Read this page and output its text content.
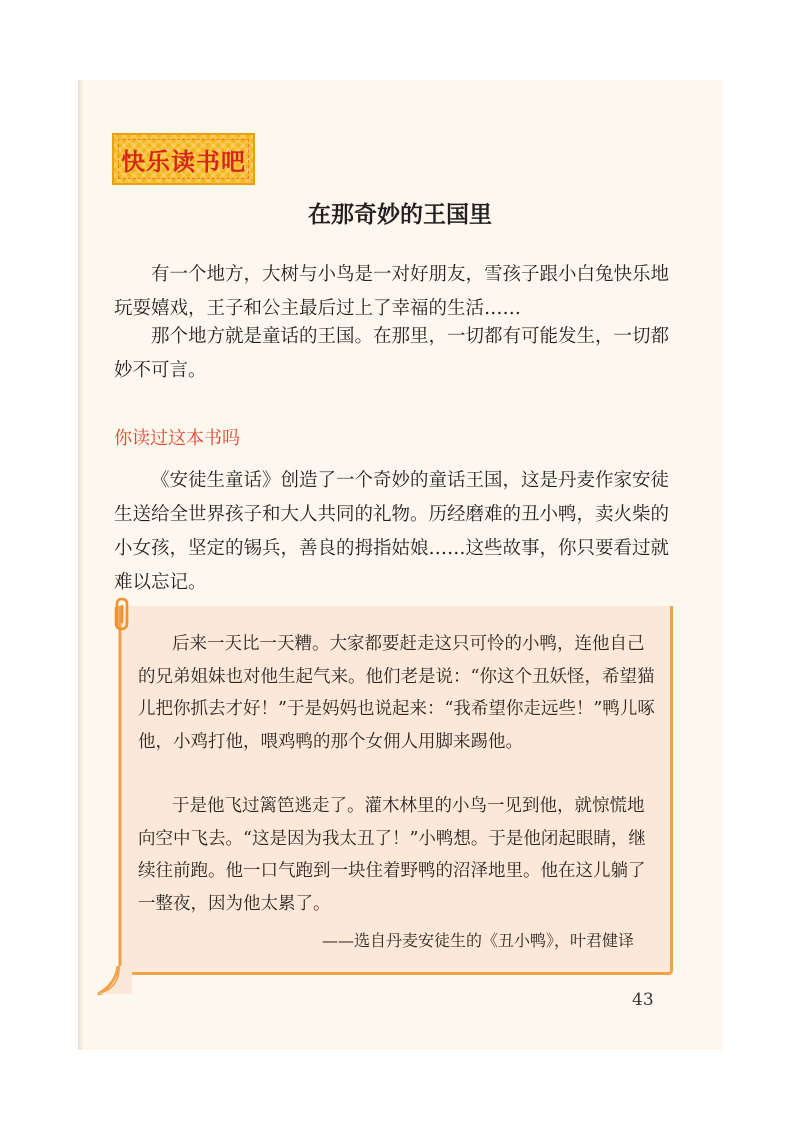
快乐读书吧
在那奇妙的王国里

有一个地方，大树与小鸟是一对好朋友，雪孩子跟小白兔快乐地玩耍嬉戏，王子和公主最后过上了幸福的生活……

那个地方就是童话的王国。在那里，一切都有可能发生，一切都妙不可言。

你读过这本书吗

《安徒生童话》创造了一个奇妙的童话王国，这是丹麦作家安徒生送给全世界孩子和大人共同的礼物。历经磨难的丑小鸭，卖火柴的小女孩，坚定的锡兵，善良的拇指姑娘……这些故事，你只要看过就难以忘记。

后来一天比一天糟。大家都要赶走这只可怜的小鸭，连他自己的兄弟姐妹也对他生起气来。他们老是说：“你这个丑妖怪，希望猫儿把你抓去才好！”于是妈妈也说起来：“我希望你走远些！”鸭儿啄他，小鸡打他，喂鸡鸭的那个女佣人用脚来踢他。

于是他飞过篱笆逃走了。灌木林里的小鸟一见到他，就惊慌地向空中飞去。“这是因为我太丑了！”小鸭想。于是他闭起眼睛，继续往前跑。他一口气跑到一块住着野鸭的沼泽地里。他在这儿躺了一整夜，因为他太累了。

——选自丹麦安徒生的《丑小鸭》，叶君健译
43
